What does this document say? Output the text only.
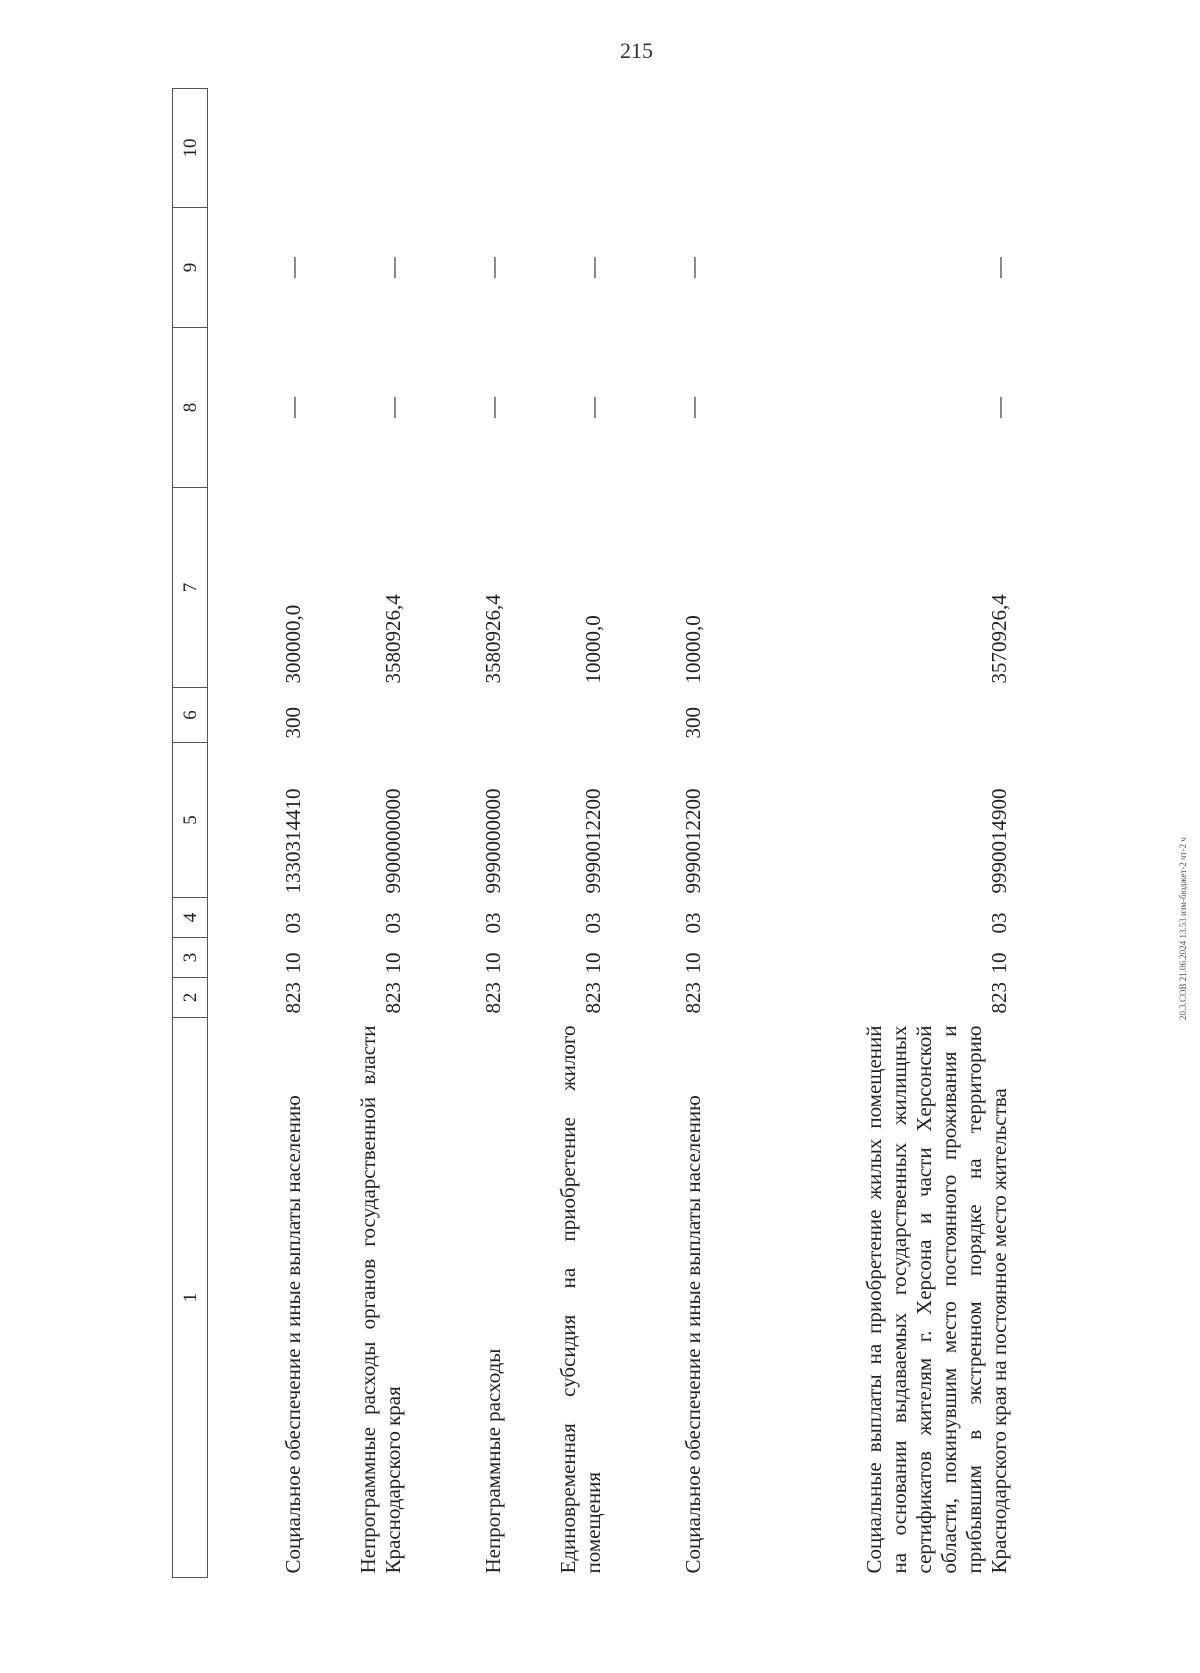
215
20.3.СОВ 21.06.2024 13.53 изм-бюджет-2 чт-2 ч
1	2	3	4	5	6	7	8	9	10
Социальное обеспечение и иные выплаты населению	823	10	03	1330314410	300	300000,0	—	—	
Непрограммные расходы органов государственной власти Краснодарского края	823	10	03	9900000000		3580926,4	—	—	
Непрограммные расходы	823	10	03	9990000000		3580926,4	—	—	
Единовременная субсидия на приобретение жилого помещения	823	10	03	9990012200		10000,0	—	—	
Социальное обеспечение и иные выплаты населению	823	10	03	9990012200	300	10000,0	—	—	
Социальные выплаты на приобретение жилых помещений на основании выдаваемых государственных жилищных сертификатов жителям г. Херсона и части Херсонской области, покинувшим место постоянного проживания и прибывшим в экстренном порядке на территорию Краснодарского края на постоянное место жительства	823	10	03	9990014900		3570926,4	—	—	
